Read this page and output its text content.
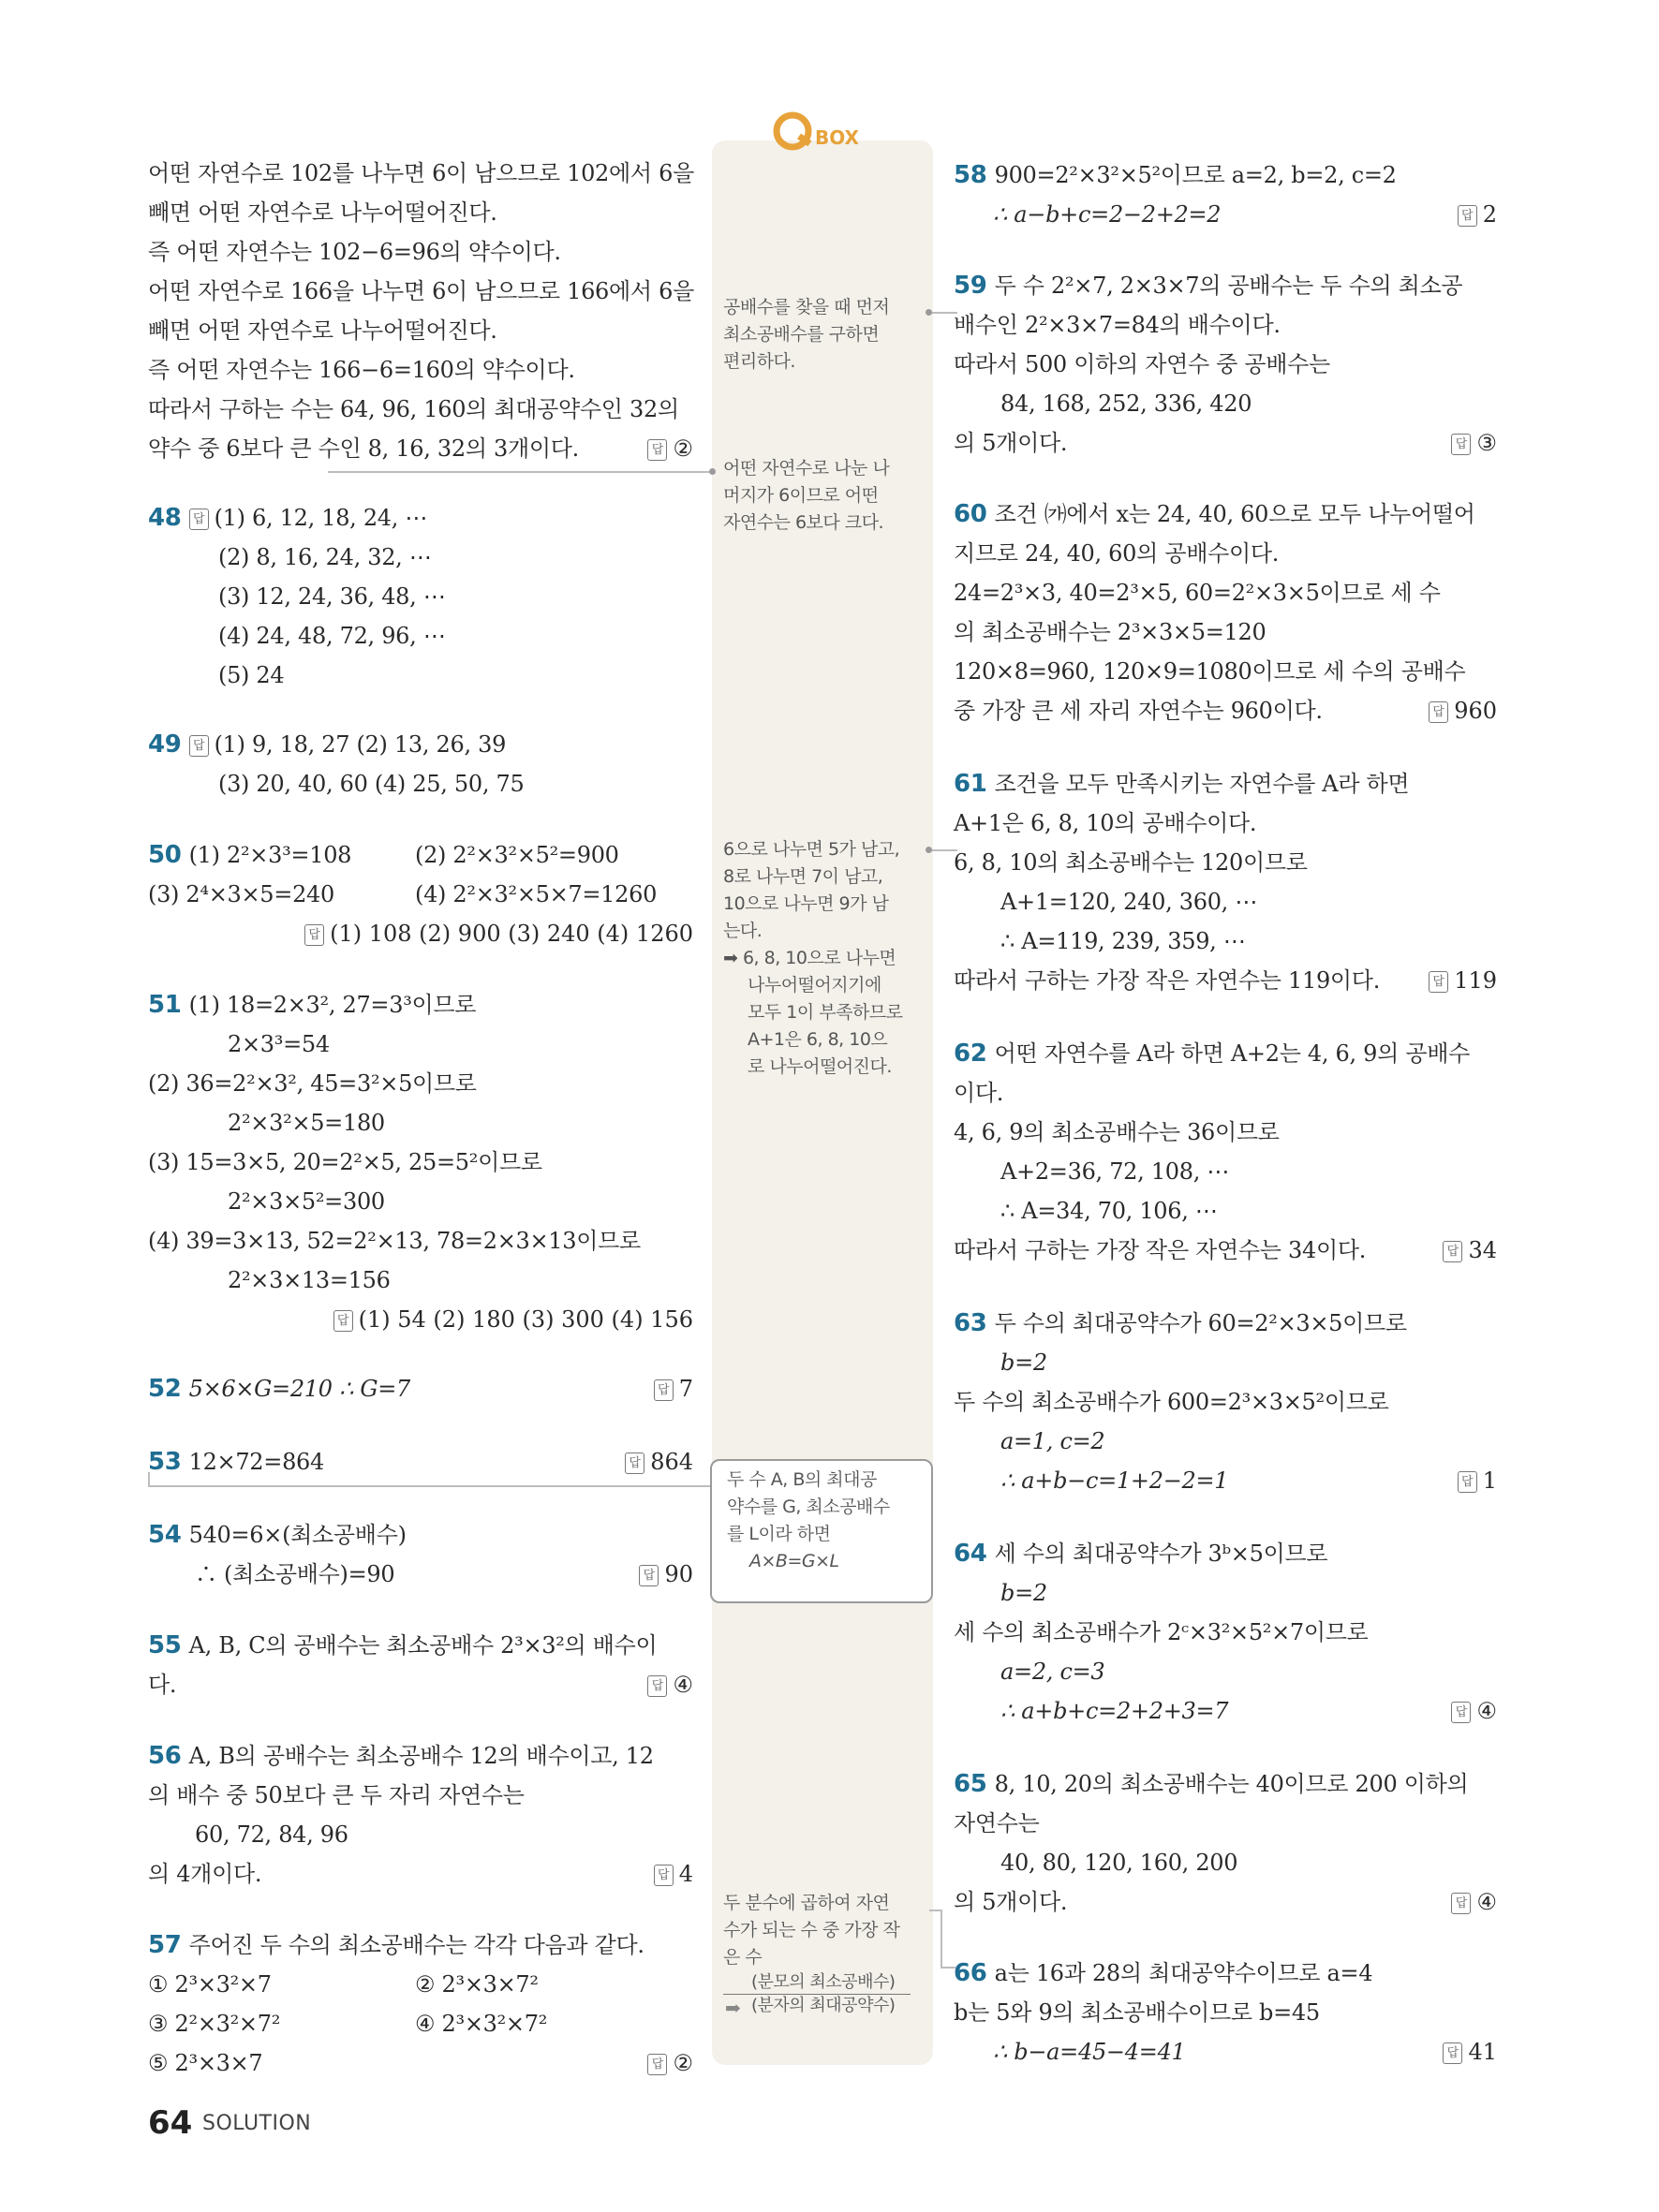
BOX
공배수를 찾을 때 먼저
최소공배수를 구하면
편리하다.
어떤 자연수로 나눈 나
머지가 6이므로 어떤
자연수는 6보다 크다.
6으로 나누면 5가 남고,
8로 나누면 7이 남고,
10으로 나누면 9가 남
는다.
➡ 6, 8, 10으로 나누면
나누어떨어지기에
모두 1이 부족하므로
A+1은 6, 8, 10으
로 나누어떨어진다.
두 수 A, B의 최대공
약수를 G, 최소공배수
를 L이라 하면
A×B=G×L
두 분수에 곱하여 자연
수가 되는 수 중 가장 작
은 수
(분모의 최소공배수)
(분자의 최대공약수)
➡
어떤 자연수로 102를 나누면 6이 남으므로 102에서 6을
빼면 어떤 자연수로 나누어떨어진다.
즉 어떤 자연수는 102−6=96의 약수이다.
어떤 자연수로 166을 나누면 6이 남으므로 166에서 6을
빼면 어떤 자연수로 나누어떨어진다.
즉 어떤 자연수는 166−6=160의 약수이다.
따라서 구하는 수는 64, 96, 160의 최대공약수인 32의
약수 중 6보다 큰 수인 8, 16, 32의 3개이다.	답 ②
48 답 (1) 6, 12, 18, 24, ⋯
(2) 8, 16, 24, 32, ⋯
(3) 12, 24, 36, 48, ⋯
(4) 24, 48, 72, 96, ⋯
(5) 24
49 답 (1) 9, 18, 27 (2) 13, 26, 39
(3) 20, 40, 60 (4) 25, 50, 75
50 (1) 2²×3³=108	(2) 2²×3²×5²=900
(3) 2⁴×3×5=240	(4) 2²×3²×5×7=1260
답 (1) 108 (2) 900 (3) 240 (4) 1260
51 (1) 18=2×3², 27=3³이므로
2×3³=54
(2) 36=2²×3², 45=3²×5이므로
2²×3²×5=180
(3) 15=3×5, 20=2²×5, 25=5²이므로
2²×3×5²=300
(4) 39=3×13, 52=2²×13, 78=2×3×13이므로
2²×3×13=156
답 (1) 54 (2) 180 (3) 300 (4) 156
52 5×6×G=210 ∴ G=7	답 7
53 12×72=864	답 864
54 540=6×(최소공배수)
∴ (최소공배수)=90	답 90
55 A, B, C의 공배수는 최소공배수 2³×3²의 배수이
다.	답 ④
56 A, B의 공배수는 최소공배수 12의 배수이고, 12
의 배수 중 50보다 큰 두 자리 자연수는
60, 72, 84, 96
의 4개이다.	답 4
57 주어진 두 수의 최소공배수는 각각 다음과 같다.
① 2³×3²×7	② 2³×3×7²
③ 2²×3²×7²	④ 2³×3²×7²
⑤ 2³×3×7	답 ②
58 900=2²×3²×5²이므로 a=2, b=2, c=2
∴ a−b+c=2−2+2=2	답 2
59 두 수 2²×7, 2×3×7의 공배수는 두 수의 최소공
배수인 2²×3×7=84의 배수이다.
따라서 500 이하의 자연수 중 공배수는
84, 168, 252, 336, 420
의 5개이다.	답 ③
60 조건 ㈎에서 x는 24, 40, 60으로 모두 나누어떨어
지므로 24, 40, 60의 공배수이다.
24=2³×3, 40=2³×5, 60=2²×3×5이므로 세 수
의 최소공배수는 2³×3×5=120
120×8=960, 120×9=1080이므로 세 수의 공배수
중 가장 큰 세 자리 자연수는 960이다.	답 960
61 조건을 모두 만족시키는 자연수를 A라 하면
A+1은 6, 8, 10의 공배수이다.
6, 8, 10의 최소공배수는 120이므로
A+1=120, 240, 360, ⋯
∴ A=119, 239, 359, ⋯
따라서 구하는 가장 작은 자연수는 119이다.	답 119
62 어떤 자연수를 A라 하면 A+2는 4, 6, 9의 공배수
이다.
4, 6, 9의 최소공배수는 36이므로
A+2=36, 72, 108, ⋯
∴ A=34, 70, 106, ⋯
따라서 구하는 가장 작은 자연수는 34이다.	답 34
63 두 수의 최대공약수가 60=2²×3×5이므로
b=2
두 수의 최소공배수가 600=2³×3×5²이므로
a=1, c=2
∴ a+b−c=1+2−2=1	답 1
64 세 수의 최대공약수가 3ᵇ×5이므로
b=2
세 수의 최소공배수가 2ᶜ×3²×5²×7이므로
a=2, c=3
∴ a+b+c=2+2+3=7	답 ④
65 8, 10, 20의 최소공배수는 40이므로 200 이하의
자연수는
40, 80, 120, 160, 200
의 5개이다.	답 ④
66 a는 16과 28의 최대공약수이므로 a=4
b는 5와 9의 최소공배수이므로 b=45
∴ b−a=45−4=41	답 41
64 SOLUTION
